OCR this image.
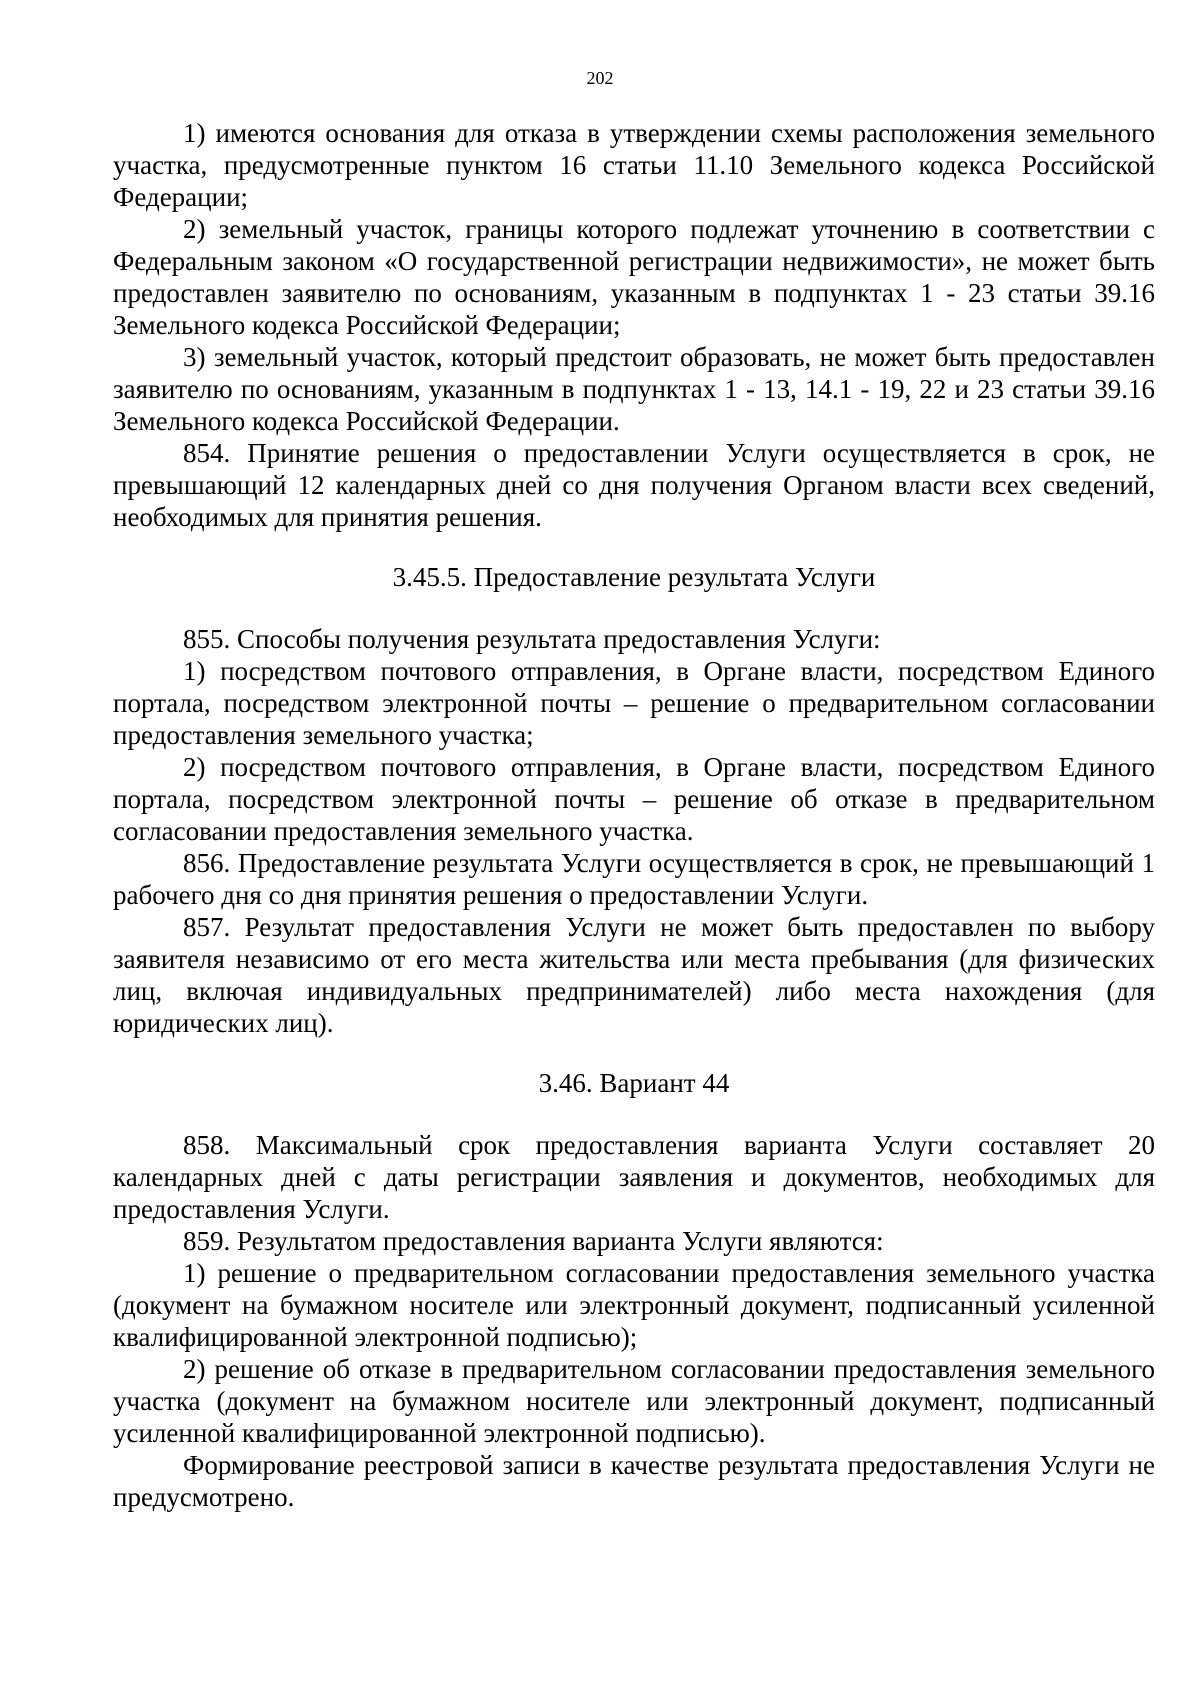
202

1) имеются основания для отказа в утверждении схемы расположения земельного участка, предусмотренные пунктом 16 статьи 11.10 Земельного кодекса Российской Федерации;

2) земельный участок, границы которого подлежат уточнению в соответствии с Федеральным законом «О государственной регистрации недвижимости», не может быть предоставлен заявителю по основаниям, указанным в подпунктах 1 - 23 статьи 39.16 Земельного кодекса Российской Федерации;

3) земельный участок, который предстоит образовать, не может быть предоставлен заявителю по основаниям, указанным в подпунктах 1 - 13, 14.1 - 19, 22 и 23 статьи 39.16 Земельного кодекса Российской Федерации.

854. Принятие решения о предоставлении Услуги осуществляется в срок, не превышающий 12 календарных дней со дня получения Органом власти всех сведений, необходимых для принятия решения.

3.45.5. Предоставление результата Услуги

855. Способы получения результата предоставления Услуги:

1) посредством почтового отправления, в Органе власти, посредством Единого портала, посредством электронной почты – решение о предварительном согласовании предоставления земельного участка;

2) посредством почтового отправления, в Органе власти, посредством Единого портала, посредством электронной почты – решение об отказе в предварительном согласовании предоставления земельного участка.

856. Предоставление результата Услуги осуществляется в срок, не превышающий 1 рабочего дня со дня принятия решения о предоставлении Услуги.

857. Результат предоставления Услуги не может быть предоставлен по выбору заявителя независимо от его места жительства или места пребывания (для физических лиц, включая индивидуальных предпринимателей) либо места нахождения (для юридических лиц).

3.46. Вариант 44

858. Максимальный срок предоставления варианта Услуги составляет 20 календарных дней с даты регистрации заявления и документов, необходимых для предоставления Услуги.

859. Результатом предоставления варианта Услуги являются:

1) решение о предварительном согласовании предоставления земельного участка (документ на бумажном носителе или электронный документ, подписанный усиленной квалифицированной электронной подписью);

2) решение об отказе в предварительном согласовании предоставления земельного участка (документ на бумажном носителе или электронный документ, подписанный усиленной квалифицированной электронной подписью).

Формирование реестровой записи в качестве результата предоставления Услуги не предусмотрено.
